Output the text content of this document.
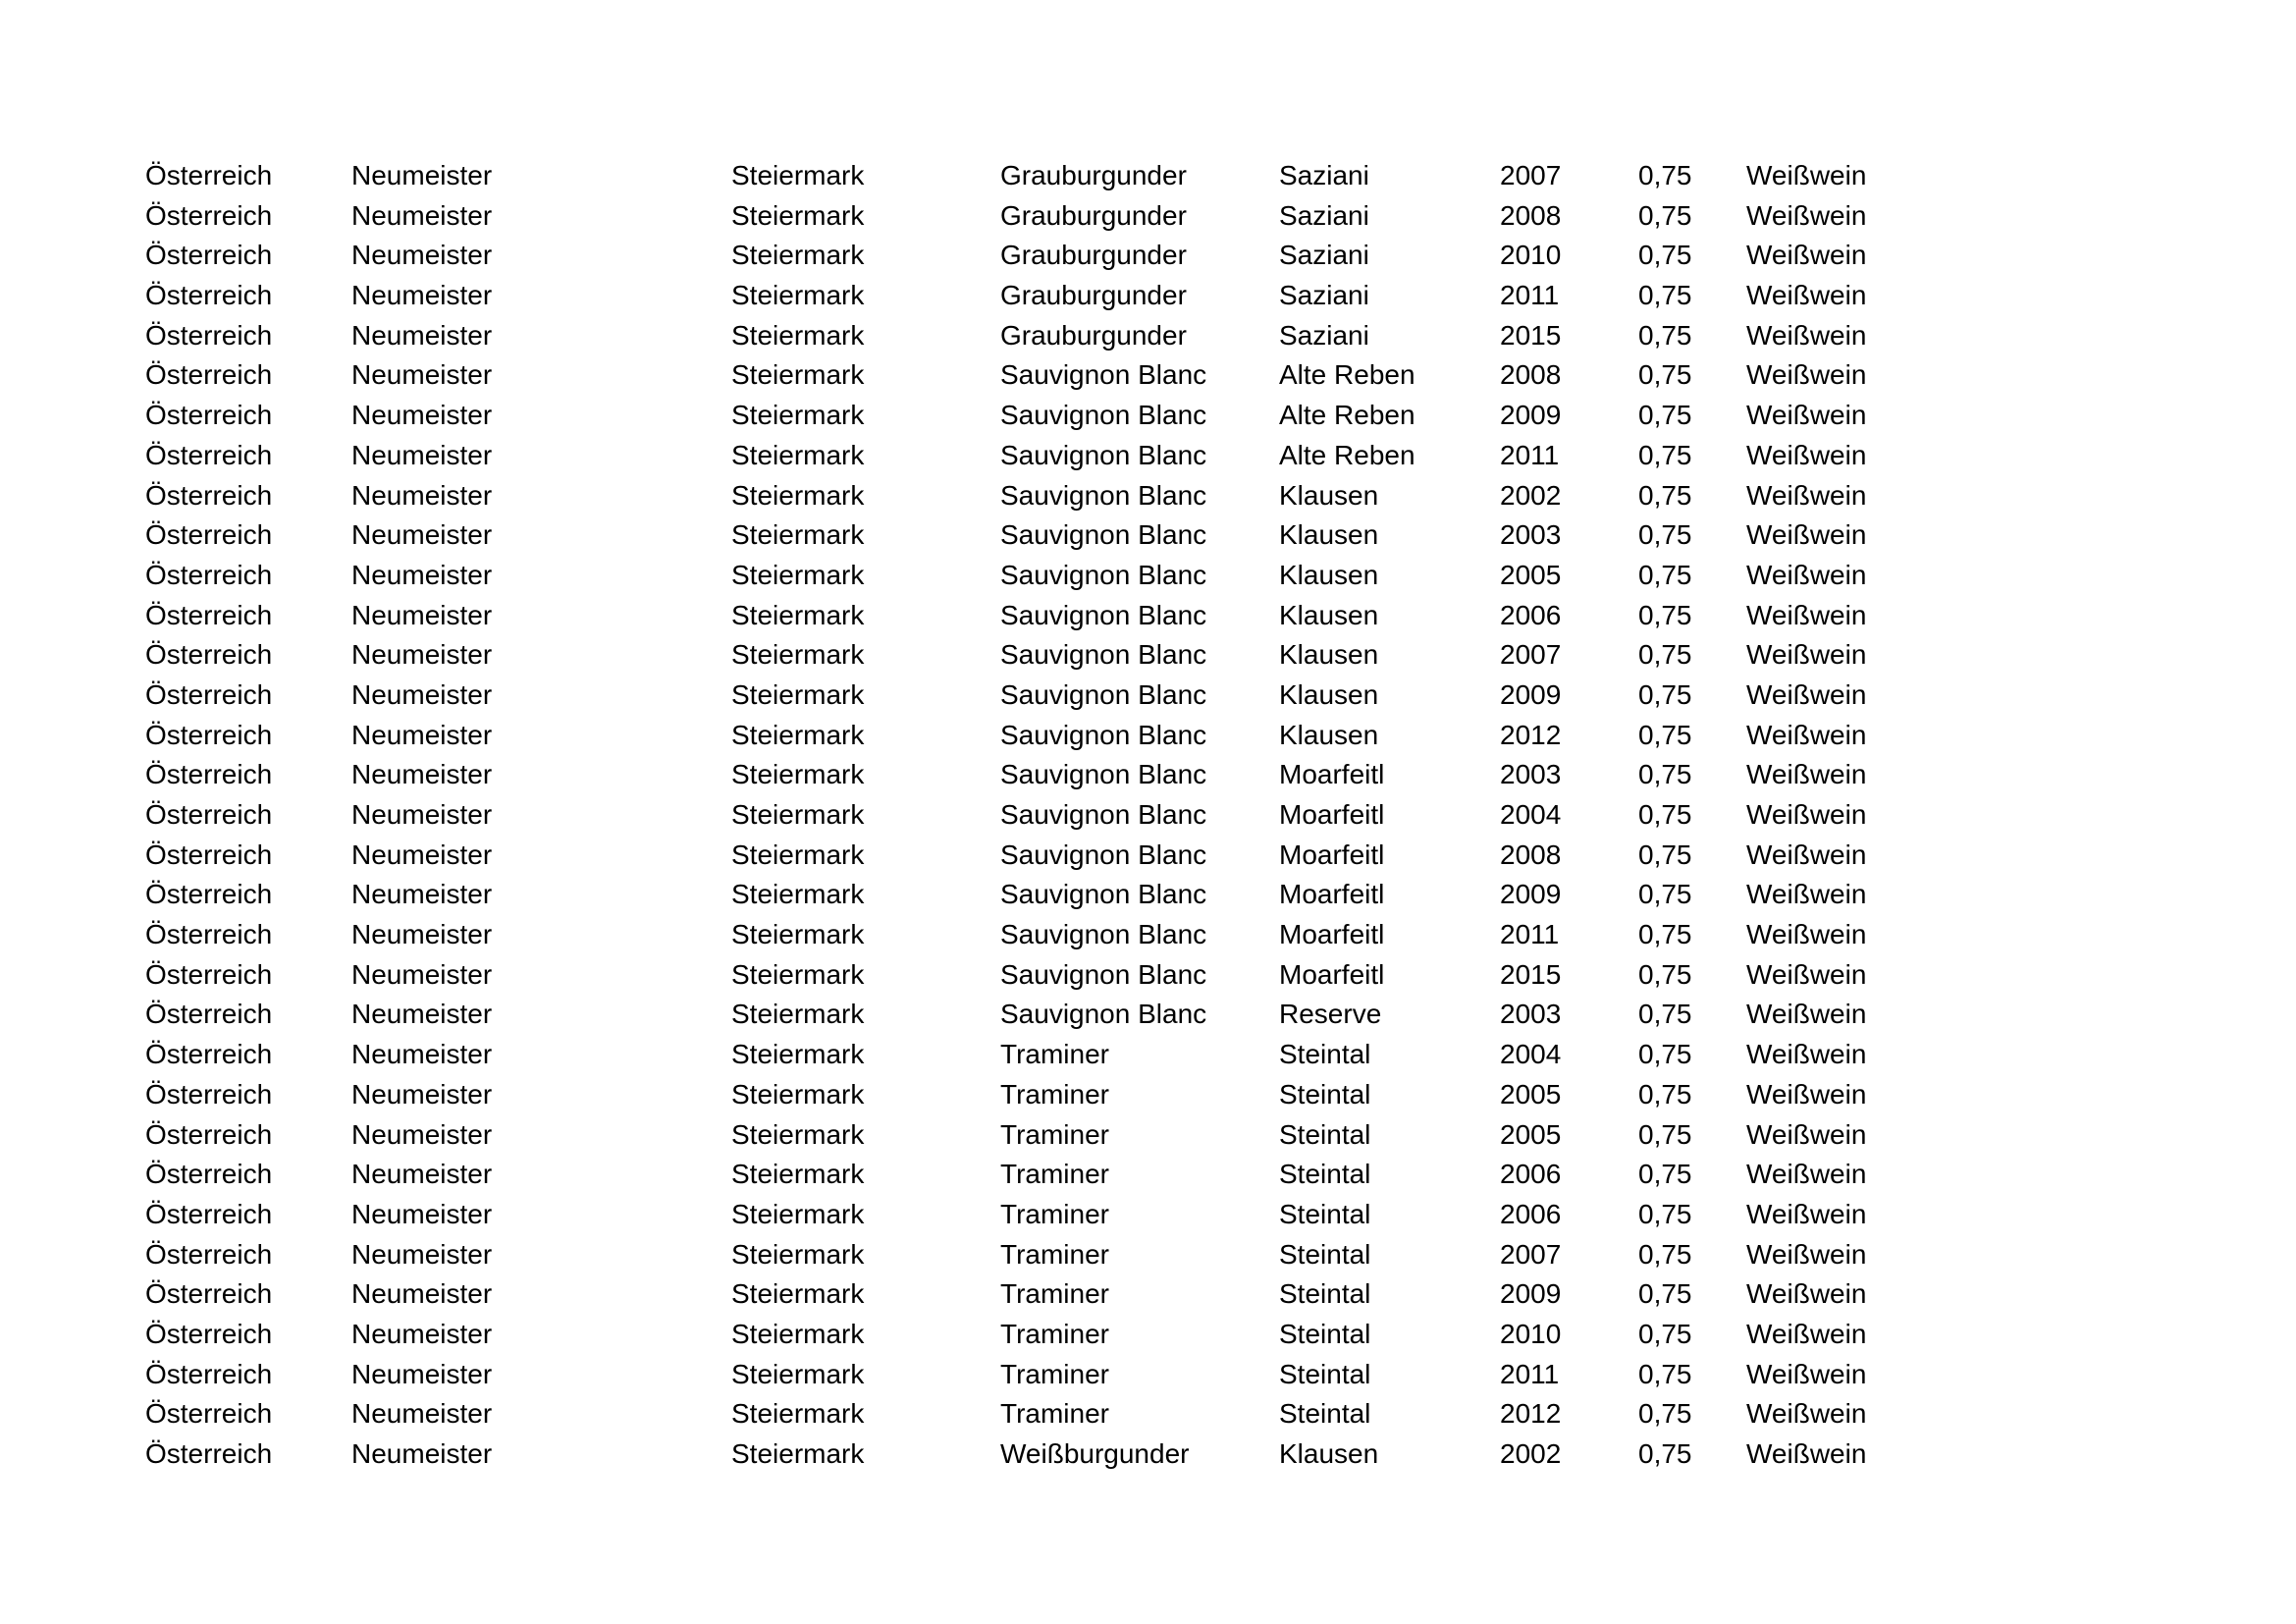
Österreich	Neumeister	Steiermark	Grauburgunder	Saziani	2007	0,75 Weißwein
Österreich	Neumeister	Steiermark	Grauburgunder	Saziani	2008	0,75 Weißwein
Österreich	Neumeister	Steiermark	Grauburgunder	Saziani	2010	0,75 Weißwein
Österreich	Neumeister	Steiermark	Grauburgunder	Saziani	2011	0,75 Weißwein
Österreich	Neumeister	Steiermark	Grauburgunder	Saziani	2015	0,75 Weißwein
Österreich	Neumeister	Steiermark	Sauvignon Blanc	Alte Reben	2008	0,75 Weißwein
Österreich	Neumeister	Steiermark	Sauvignon Blanc	Alte Reben	2009	0,75 Weißwein
Österreich	Neumeister	Steiermark	Sauvignon Blanc	Alte Reben	2011	0,75 Weißwein
Österreich	Neumeister	Steiermark	Sauvignon Blanc	Klausen	2002	0,75 Weißwein
Österreich	Neumeister	Steiermark	Sauvignon Blanc	Klausen	2003	0,75 Weißwein
Österreich	Neumeister	Steiermark	Sauvignon Blanc	Klausen	2005	0,75 Weißwein
Österreich	Neumeister	Steiermark	Sauvignon Blanc	Klausen	2006	0,75 Weißwein
Österreich	Neumeister	Steiermark	Sauvignon Blanc	Klausen	2007	0,75 Weißwein
Österreich	Neumeister	Steiermark	Sauvignon Blanc	Klausen	2009	0,75 Weißwein
Österreich	Neumeister	Steiermark	Sauvignon Blanc	Klausen	2012	0,75 Weißwein
Österreich	Neumeister	Steiermark	Sauvignon Blanc	Moarfeitl	2003	0,75 Weißwein
Österreich	Neumeister	Steiermark	Sauvignon Blanc	Moarfeitl	2004	0,75 Weißwein
Österreich	Neumeister	Steiermark	Sauvignon Blanc	Moarfeitl	2008	0,75 Weißwein
Österreich	Neumeister	Steiermark	Sauvignon Blanc	Moarfeitl	2009	0,75 Weißwein
Österreich	Neumeister	Steiermark	Sauvignon Blanc	Moarfeitl	2011	0,75 Weißwein
Österreich	Neumeister	Steiermark	Sauvignon Blanc	Moarfeitl	2015	0,75 Weißwein
Österreich	Neumeister	Steiermark	Sauvignon Blanc	Reserve	2003	0,75 Weißwein
Österreich	Neumeister	Steiermark	Traminer	Steintal	2004	0,75 Weißwein
Österreich	Neumeister	Steiermark	Traminer	Steintal	2005	0,75 Weißwein
Österreich	Neumeister	Steiermark	Traminer	Steintal	2005	0,75 Weißwein
Österreich	Neumeister	Steiermark	Traminer	Steintal	2006	0,75 Weißwein
Österreich	Neumeister	Steiermark	Traminer	Steintal	2006	0,75 Weißwein
Österreich	Neumeister	Steiermark	Traminer	Steintal	2007	0,75 Weißwein
Österreich	Neumeister	Steiermark	Traminer	Steintal	2009	0,75 Weißwein
Österreich	Neumeister	Steiermark	Traminer	Steintal	2010	0,75 Weißwein
Österreich	Neumeister	Steiermark	Traminer	Steintal	2011	0,75 Weißwein
Österreich	Neumeister	Steiermark	Traminer	Steintal	2012	0,75 Weißwein
Österreich	Neumeister	Steiermark	Weißburgunder	Klausen	2002	0,75 Weißwein
